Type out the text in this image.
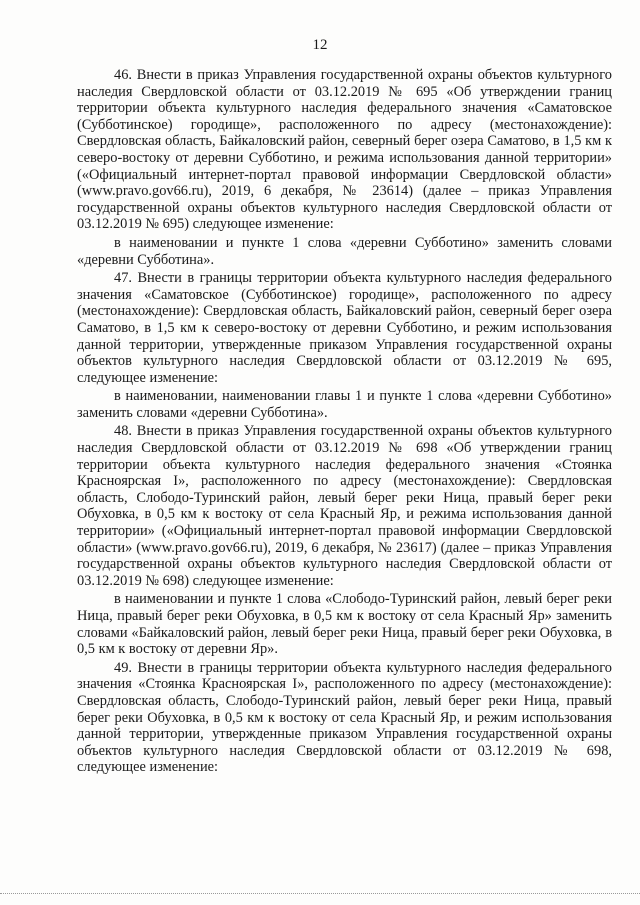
12

46. Внести в приказ Управления государственной охраны объектов культурного наследия Свердловской области от 03.12.2019 № 695 «Об утверждении границ территории объекта культурного наследия федерального значения «Саматовское (Субботинское) городище», расположенного по адресу (местонахождение): Свердловская область, Байкаловский район, северный берег озера Саматово, в 1,5 км к северо-востоку от деревни Субботино, и режима использования данной территории» («Официальный интернет-портал правовой информации Свердловской области» (www.pravo.gov66.ru), 2019, 6 декабря, № 23614) (далее – приказ Управления государственной охраны объектов культурного наследия Свердловской области от 03.12.2019 № 695) следующее изменение:

в наименовании и пункте 1 слова «деревни Субботино» заменить словами «деревни Субботина».

47. Внести в границы территории объекта культурного наследия федерального значения «Саматовское (Субботинское) городище», расположенного по адресу (местонахождение): Свердловская область, Байкаловский район, северный берег озера Саматово, в 1,5 км к северо-востоку от деревни Субботино, и режим использования данной территории, утвержденные приказом Управления государственной охраны объектов культурного наследия Свердловской области от 03.12.2019 № 695, следующее изменение:

в наименовании, наименовании главы 1 и пункте 1 слова «деревни Субботино» заменить словами «деревни Субботина».

48. Внести в приказ Управления государственной охраны объектов культурного наследия Свердловской области от 03.12.2019 № 698 «Об утверждении границ территории объекта культурного наследия федерального значения «Стоянка Красноярская I», расположенного по адресу (местонахождение): Свердловская область, Слободо-Туринский район, левый берег реки Ница, правый берег реки Обуховка, в 0,5 км к востоку от села Красный Яр, и режима использования данной территории» («Официальный интернет-портал правовой информации Свердловской области» (www.pravo.gov66.ru), 2019, 6 декабря, № 23617) (далее – приказ Управления государственной охраны объектов культурного наследия Свердловской области от 03.12.2019 № 698) следующее изменение:

в наименовании и пункте 1 слова «Слободо-Туринский район, левый берег реки Ница, правый берег реки Обуховка, в 0,5 км к востоку от села Красный Яр» заменить словами «Байкаловский район, левый берег реки Ница, правый берег реки Обуховка, в 0,5 км к востоку от деревни Яр».

49. Внести в границы территории объекта культурного наследия федерального значения «Стоянка Красноярская I», расположенного по адресу (местонахождение): Свердловская область, Слободо-Туринский район, левый берег реки Ница, правый берег реки Обуховка, в 0,5 км к востоку от села Красный Яр, и режим использования данной территории, утвержденные приказом Управления государственной охраны объектов культурного наследия Свердловской области от 03.12.2019 № 698, следующее изменение:
